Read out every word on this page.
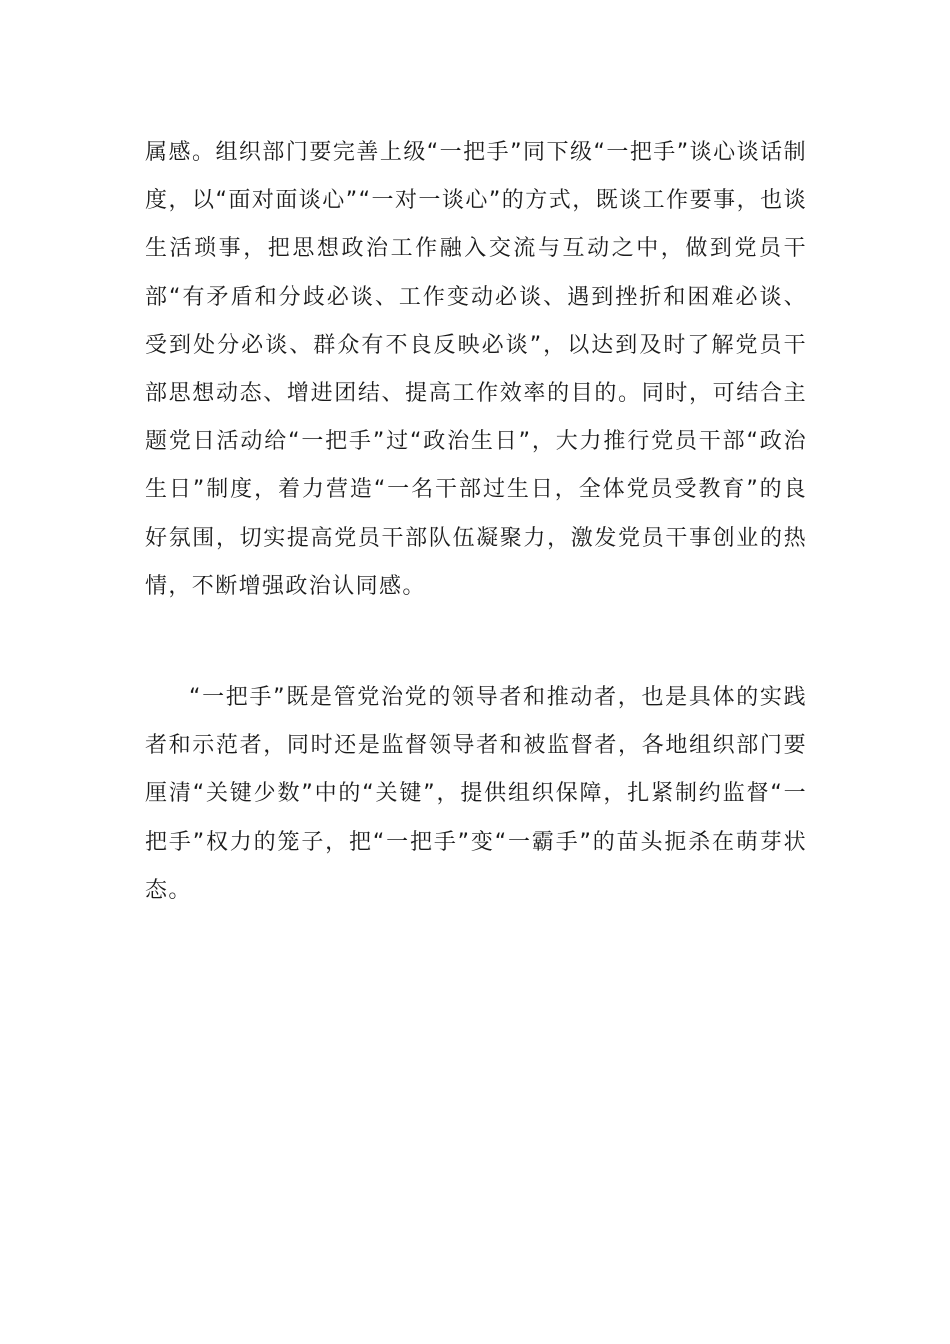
属感。组织部门要完善上级“一把手”同下级“一把手”谈心谈话制度，以“面对面谈心”“一对一谈心”的方式，既谈工作要事，也谈生活琐事，把思想政治工作融入交流与互动之中，做到党员干部“有矛盾和分歧必谈、工作变动必谈、遇到挫折和困难必谈、受到处分必谈、群众有不良反映必谈”，以达到及时了解党员干部思想动态、增进团结、提高工作效率的目的。同时，可结合主题党日活动给“一把手”过“政治生日”，大力推行党员干部“政治生日”制度，着力营造“一名干部过生日，全体党员受教育”的良好氛围，切实提高党员干部队伍凝聚力，激发党员干事创业的热情，不断增强政治认同感。

“一把手”既是管党治党的领导者和推动者，也是具体的实践者和示范者，同时还是监督领导者和被监督者，各地组织部门要厘清“关键少数”中的“关键”，提供组织保障，扎紧制约监督“一把手”权力的笼子，把“一把手”变“一霸手”的苗头扼杀在萌芽状态。
